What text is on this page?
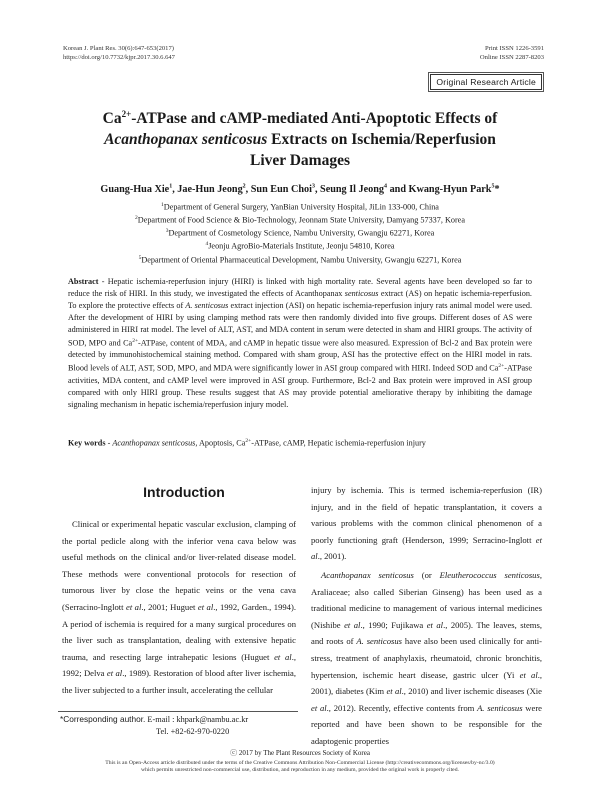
Korean J. Plant Res. 30(6):647-653(2017)
https://doi.org/10.7732/kjpr.2017.30.6.647
Print ISSN 1226-3591
Online ISSN 2287-8203
Original Research Article
$Ca^{2+}$-ATPase and cAMP-mediated Anti-Apoptotic Effects of
Acanthopanax senticosus Extracts on Ischemia/Reperfusion
Liver Damages
Guang-Hua Xie$^1$, Jae-Hun Jeong$^2$, Sun Eun Choi$^3$, Seung Il Jeong$^4$ and Kwang-Hyun Park$^5$*
$^1$Department of General Surgery, YanBian University Hospital, JiLin 133-000, China
$^2$Department of Food Science & Bio-Technology, Jeonnam State University, Damyang 57337, Korea
$^3$Department of Cosmetology Science, Nambu University, Gwangju 62271, Korea
$^4$Jeonju AgroBio-Materials Institute, Jeonju 54810, Korea
$^5$Department of Oriental Pharmaceutical Development, Nambu University, Gwangju 62271, Korea
Abstract - Hepatic ischemia-reperfusion injury (HIRI) is linked with high mortality rate. Several agents have been developed so far to reduce the risk of HIRI. In this study, we investigated the effects of Acanthopanax senticosus extract (AS) on hepatic ischemia-reperfusion. To explore the protective effects of A. senticosus extract injection (ASI) on hepatic ischemia-reperfusion injury rats animal model were used. After the development of HIRI by using clamping method rats were then randomly divided into five groups. Different doses of AS were administered in HIRI rat model. The level of ALT, AST, and MDA content in serum were detected in sham and HIRI groups. The activity of SOD, MPO and $Ca^{2+}$-ATPase, content of MDA, and cAMP in hepatic tissue were also measured. Expression of Bcl-2 and Bax protein were detected by immunohistochemical staining method. Compared with sham group, ASI has the protective effect on the HIRI model in rats. Blood levels of ALT, AST, SOD, MPO, and MDA were significantly lower in ASI group compared with HIRI. Indeed SOD and $Ca^{2+}$-ATPase activities, MDA content, and cAMP level were improved in ASI group. Furthermore, Bcl-2 and Bax protein were improved in ASI group compared with only HIRI group. These results suggest that AS may provide potential ameliorative therapy by inhibiting the damage signaling mechanism in hepatic ischemia/reperfusion injury model.
Key words - Acanthopanax senticosus, Apoptosis, $Ca^{2+}$-ATPase, cAMP, Hepatic ischemia-reperfusion injury
Introduction

Clinical or experimental hepatic vascular exclusion, clamping of the portal pedicle along with the inferior vena cava below was useful methods on the clinical and/or liver-related disease model. These methods were conventional protocols for resection of tumorous liver by close the hepatic veins or the vena cava (Serracino-Inglott et al., 2001; Huguet et al., 1992, Garden., 1994). A period of ischemia is required for a many surgical procedures on the liver such as transplantation, dealing with extensive hepatic trauma, and resecting large intrahepatic lesions (Huguet et al., 1992; Delva et al., 1989). Restoration of blood after liver ischemia, the liver subjected to a further insult, accelerating the cellular

injury by ischemia. This is termed ischemia-reperfusion (IR) injury, and in the field of hepatic transplantation, it covers a various problems with the common clinical phenomenon of a poorly functioning graft (Henderson, 1999; Serracino-Inglott et al., 2001).

Acanthopanax senticosus (or Eleutherococcus senticosus, Araliaceae; also called Siberian Ginseng) has been used as a traditional medicine to management of various internal medicines (Nishibe et al., 1990; Fujikawa et al., 2005). The leaves, stems, and roots of A. senticosus have also been used clinically for anti-stress, treatment of anaphylaxis, rheumatoid, chronic bronchitis, hypertension, ischemic heart disease, gastric ulcer (Yi et al., 2001), diabetes (Kim et al., 2010) and liver ischemic diseases (Xie et al., 2012). Recently, effective contents from A. senticosus were reported and have been shown to be responsible for the adaptogenic properties

*Corresponding author. E-mail : khpark@nambu.ac.kr
Tel. +82-62-970-0220
ⓒ 2017 by The Plant Resources Society of Korea
This is an Open-Access article distributed under the terms of the Creative Commons Attribution Non-Commercial License (http://creativecommons.org/licenses/by-nc/3.0)
which permits unrestricted non-commercial use, distribution, and reproduction in any medium, provided the original work is properly cited.
